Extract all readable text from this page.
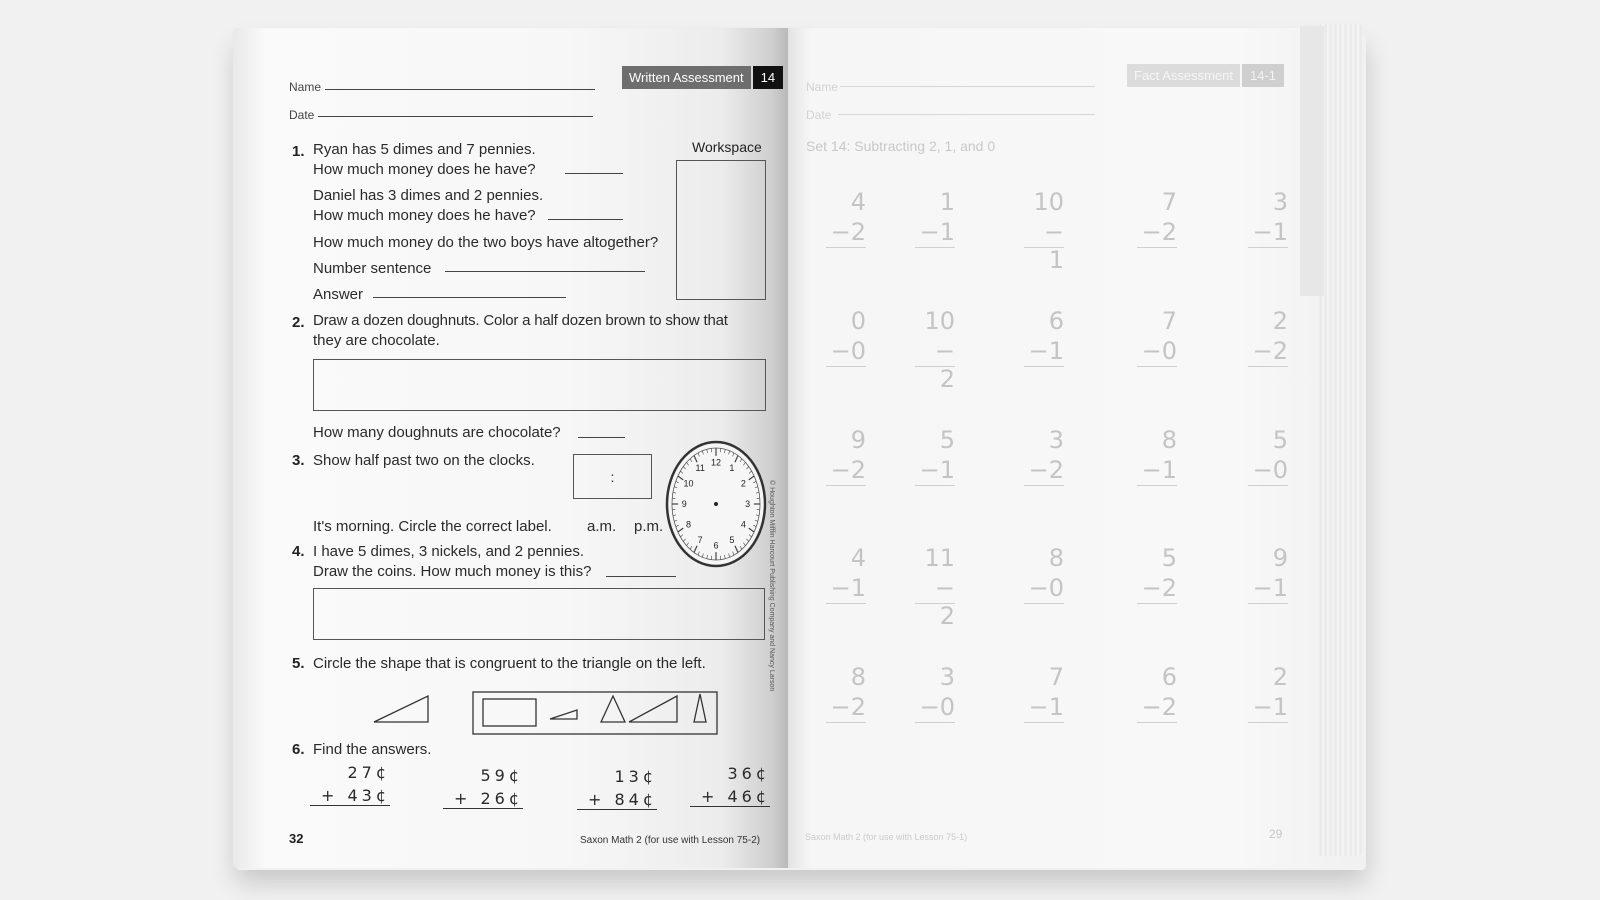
Written Assessment	14
Name
Date
1. Ryan has 5 dimes and 7 pennies.
How much money does he have?
Daniel has 3 dimes and 2 pennies.
How much money does he have?
How much money do the two boys have altogether?
Number sentence
Answer
Workspace
2. Draw a dozen doughnuts. Color a half dozen brown to show that
they are chocolate.
How many doughnuts are chocolate?
3. Show half past two on the clocks.
:
It's morning. Circle the correct label. a.m. p.m.
12
1
2
3
4
5
6
7
8
9
10
11
4. I have 5 dimes, 3 nickels, and 2 pennies.
Draw the coins. How much money is this?
5. Circle the shape that is congruent to the triangle on the left.
6. Find the answers.
27¢
+ 43¢
59¢
+ 26¢
13¢
+ 84¢
36¢
+ 46¢
© Houghton Mifflin Harcourt Publishing Company and Nancy Larson
32	Saxon Math 2 (for use with Lesson 75-2)
Fact Assessment	14-1
Name
Date
Set 14: Subtracting 2, 1, and 0
4
−2
1
−1
10
− 1
7
−2
3
−1
0
−0
10
− 2
6
−1
7
−0
2
−2
9
−2
5
−1
3
−2
8
−1
5
−0
4
−1
11
− 2
8
−0
5
−2
9
−1
8
−2
3
−0
7
−1
6
−2
2
−1
Saxon Math 2 (for use with Lesson 75-1)	29
